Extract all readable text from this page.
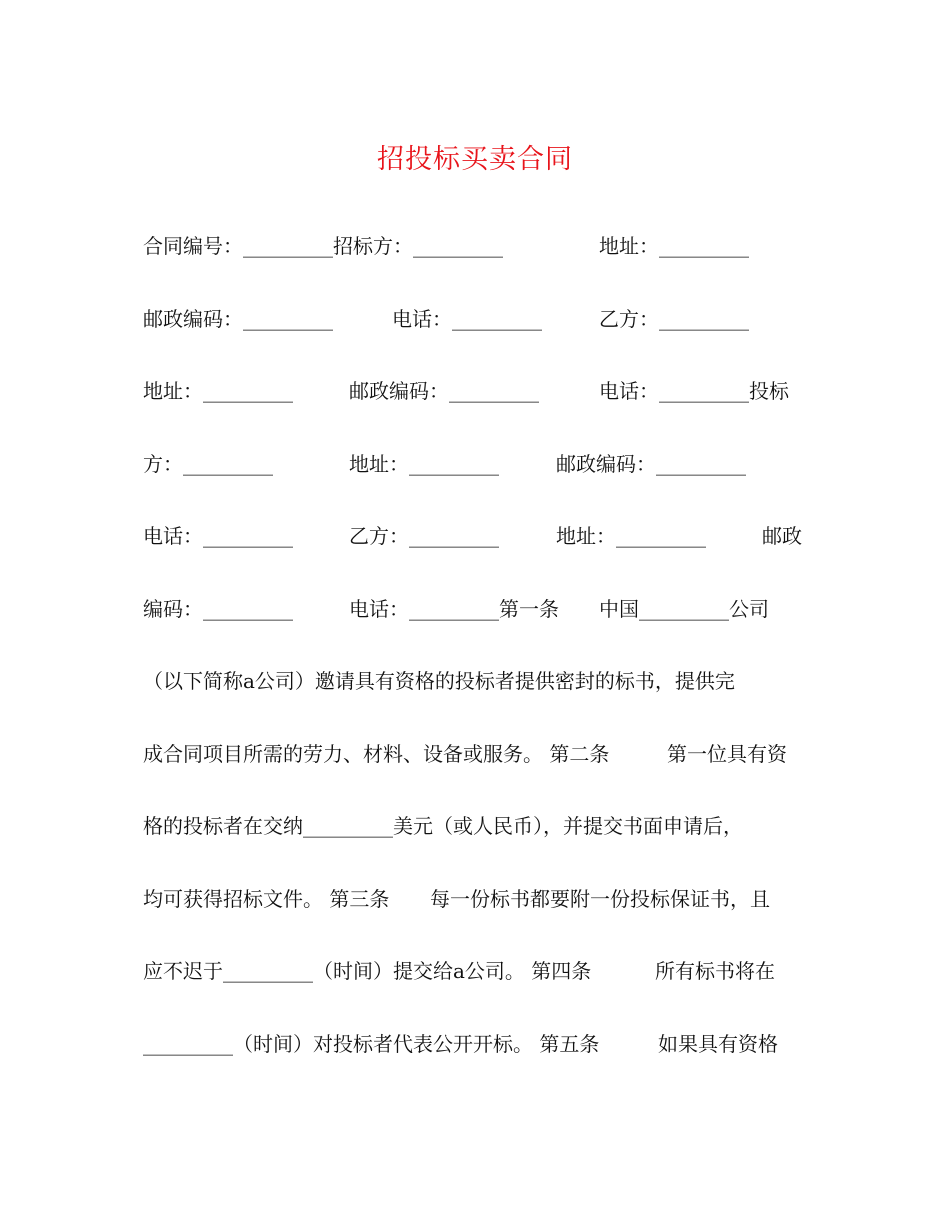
招投标买卖合同
合同编号：_________招标方：_________	地址：_________
邮政编码：_________	电话：_________	乙方：_________
地址：_________	邮政编码：_________	电话：_________投标
方：_________	地址：_________	邮政编码：_________
电话：_________	乙方：_________	地址：_________	邮政
编码：_________	电话：_________第一条 中国_________公司
（以下简称a公司）邀请具有资格的投标者提供密封的标书，提供完
成合同项目所需的劳力、材料、设备或服务。 第二条	第一位具有资
格的投标者在交纳_________美元（或人民币），并提交书面申请后，
均可获得招标文件。 第三条 每一份标书都要附一份投标保证书，且
应不迟于_________（时间）提交给a公司。 第四条	所有标书将在
_________（时间）对投标者代表公开开标。 第五条	如果具有资格
